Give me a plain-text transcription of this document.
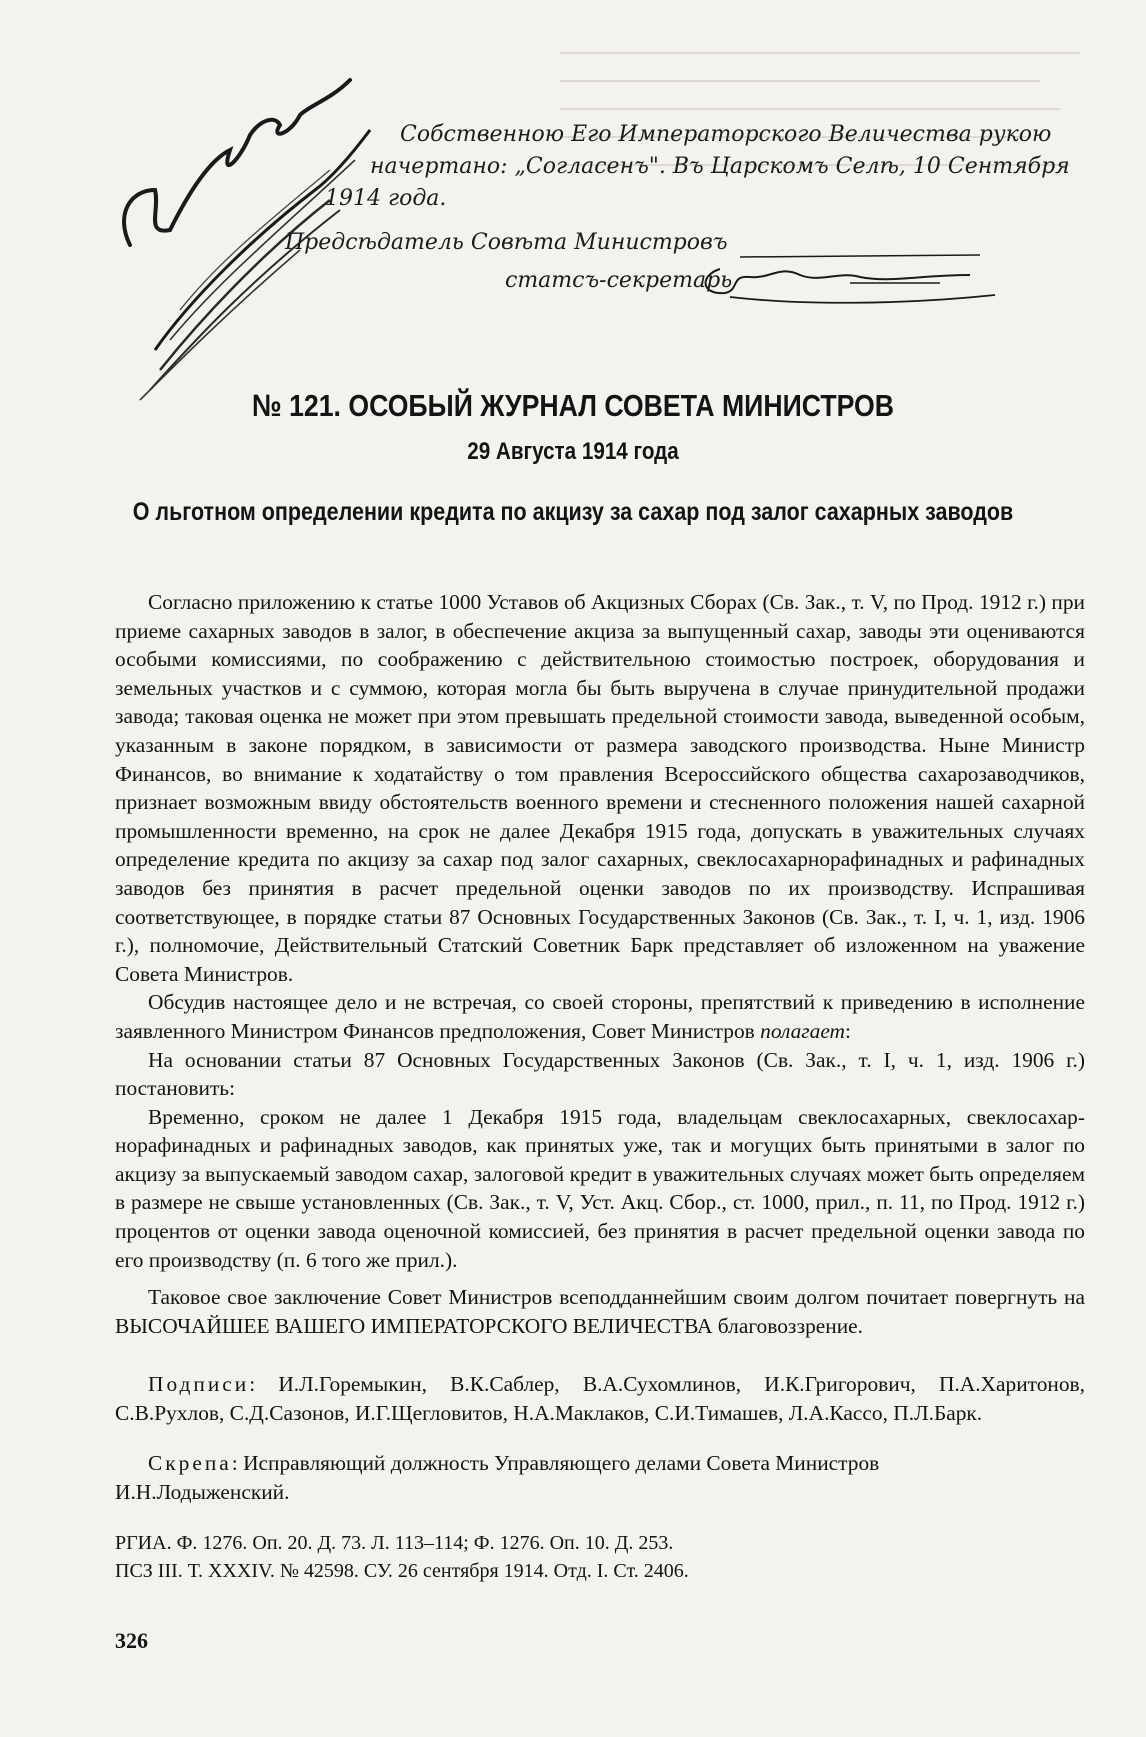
Собственною Его Императорского Величества рукою
начертано: „Согласенъ". Въ Царскомъ Селѣ, 10 Сентября
1914 года.
Предсѣдатель Совѣта Министровъ
статсъ-секретарь
№ 121. ОСОБЫЙ ЖУРНАЛ СОВЕТА МИНИСТРОВ
29 Августа 1914 года
О льготном определении кредита по акцизу за сахар под залог сахарных заводов

Согласно приложению к статье 1000 Уставов об Акцизных Сборах (Св. Зак., т. V, по Прод. 1912 г.) при приеме сахарных заводов в залог, в обеспечение акциза за выпущенный сахар, заводы эти оцениваются особыми комиссиями, по соображению с действительною стоимостью построек, оборудования и земельных участков и с суммою, которая могла бы быть выручена в случае принудительной продажи завода; таковая оценка не может при этом превышать предельной стоимости завода, выведенной особым, указанным в законе порядком, в зависимости от размера заводского производства. Ныне Министр Финансов, во внимание к ходатайству о том правления Всероссийского общества сахарозаводчиков, признает возможным ввиду обстоятельств военного времени и стесненного положения нашей сахарной промышленности временно, на срок не далее Декабря 1915 года, допускать в уважительных случаях определение кредита по акцизу за сахар под залог сахарных, свеклосахарнорафинадных и рафинадных заводов без принятия в расчет предельной оценки заводов по их производству. Испрашивая соответствующее, в порядке статьи 87 Основных Государственных Законов (Св. Зак., т. I, ч. 1, изд. 1906 г.), полномочие, Действительный Статский Советник Барк представляет об изложенном на уважение Совета Министров.

Обсудив настоящее дело и не встречая, со своей стороны, препятствий к приведению в исполнение заявленного Министром Финансов предположения, Совет Министров полагает:

На основании статьи 87 Основных Государственных Законов (Св. Зак., т. I, ч. 1, изд. 1906 г.) постановить:

Временно, сроком не далее 1 Декабря 1915 года, владельцам свеклосахарных, свеклосахарнорафинадных и рафинадных заводов, как принятых уже, так и могущих быть принятыми в залог по акцизу за выпускаемый заводом сахар, залоговой кредит в уважительных случаях может быть определяем в размере не свыше установленных (Св. Зак., т. V, Уст. Акц. Сбор., ст. 1000, прил., п. 11, по Прод. 1912 г.) процентов от оценки завода оценочной комиссией, без принятия в расчет предельной оценки завода по его производству (п. 6 того же прил.).

Таковое свое заключение Совет Министров всеподданнейшим своим долгом почитает повергнуть на ВЫСОЧАЙШЕЕ ВАШЕГО ИМПЕРАТОРСКОГО ВЕЛИЧЕСТВА благовоззрение.

Подписи: И.Л.Горемыкин, В.К.Саблер, В.А.Сухомлинов, И.К.Григорович, П.А.Харитонов, С.В.Рухлов, С.Д.Сазонов, И.Г.Щегловитов, Н.А.Маклаков, С.И.Тимашев, Л.А.Кассо, П.Л.Барк.

Скрепа: Исправляющий должность Управляющего делами Совета Министров И.Н.Лодыженский.

РГИА. Ф. 1276. Оп. 20. Д. 73. Л. 113–114; Ф. 1276. Оп. 10. Д. 253.
ПСЗ III. Т. XXXIV. № 42598. СУ. 26 сентября 1914. Отд. I. Ст. 2406.
326
